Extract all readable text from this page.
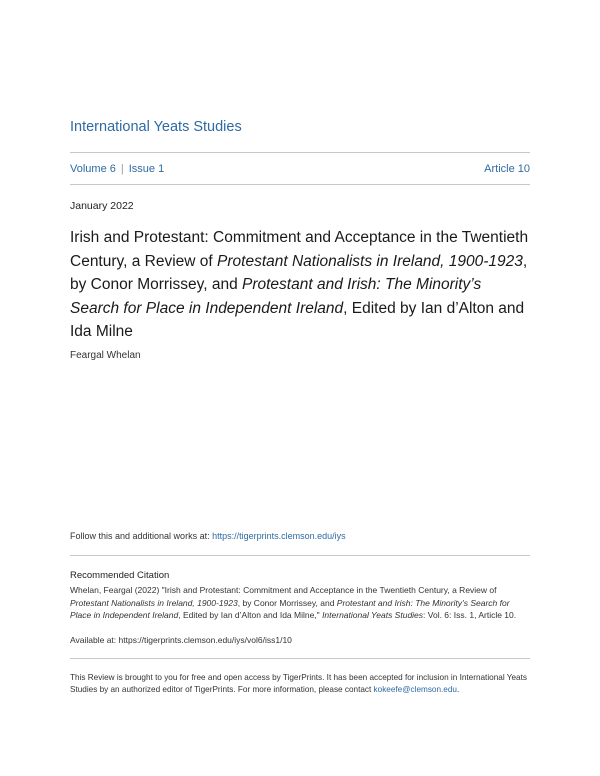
International Yeats Studies
Volume 6 | Issue 1	Article 10
January 2022
Irish and Protestant: Commitment and Acceptance in the Twentieth Century, a Review of Protestant Nationalists in Ireland, 1900-1923, by Conor Morrissey, and Protestant and Irish: The Minority’s Search for Place in Independent Ireland, Edited by Ian d’Alton and Ida Milne
Feargal Whelan
Follow this and additional works at: https://tigerprints.clemson.edu/iys
Recommended Citation
Whelan, Feargal (2022) "Irish and Protestant: Commitment and Acceptance in the Twentieth Century, a Review of Protestant Nationalists in Ireland, 1900-1923, by Conor Morrissey, and Protestant and Irish: The Minority’s Search for Place in Independent Ireland, Edited by Ian d’Alton and Ida Milne," International Yeats Studies: Vol. 6: Iss. 1, Article 10.
Available at: https://tigerprints.clemson.edu/iys/vol6/iss1/10
This Review is brought to you for free and open access by TigerPrints. It has been accepted for inclusion in International Yeats Studies by an authorized editor of TigerPrints. For more information, please contact kokeefe@clemson.edu.
